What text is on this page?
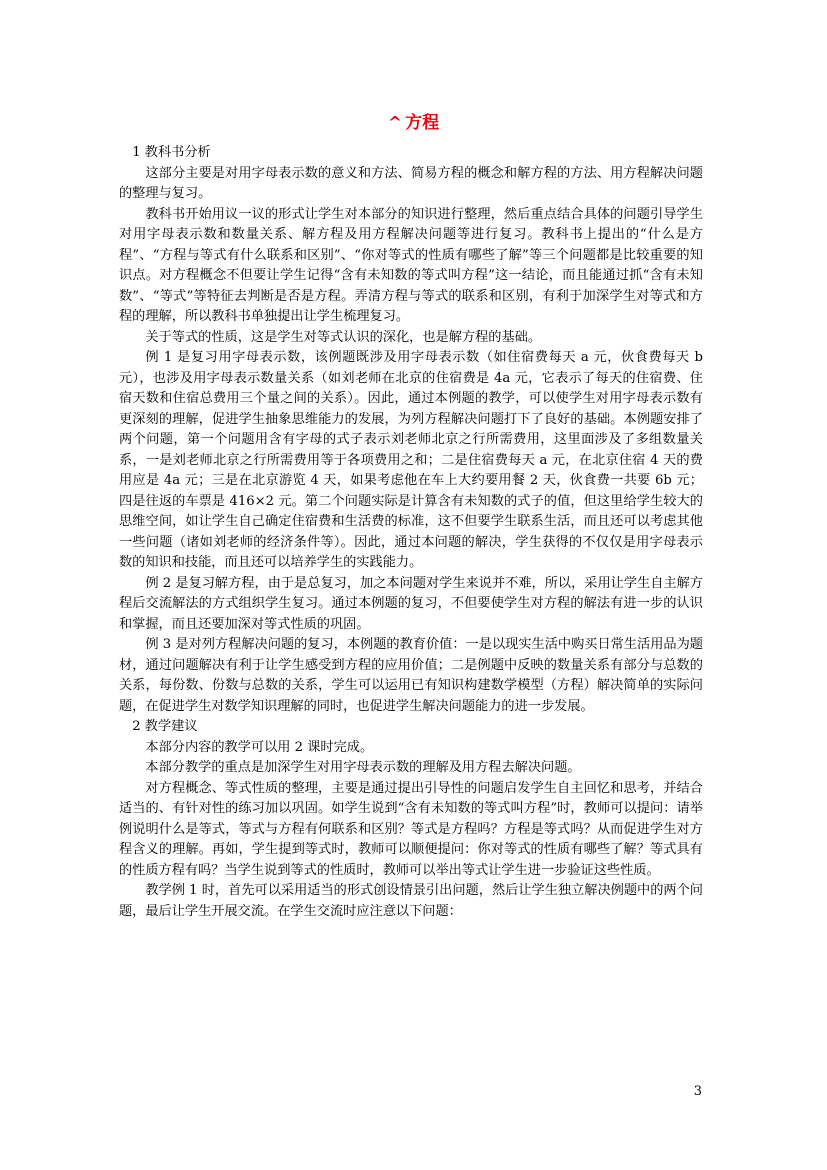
^ 方程

1 教科书分析

这部分主要是对用字母表示数的意义和方法、简易方程的概念和解方程的方法、用方程解决问题的整理与复习。

教科书开始用议一议的形式让学生对本部分的知识进行整理，然后重点结合具体的问题引导学生对用字母表示数和数量关系、解方程及用方程解决问题等进行复习。教科书上提出的“什么是方程”、“方程与等式有什么联系和区别”、“你对等式的性质有哪些了解”等三个问题都是比较重要的知识点。对方程概念不但要让学生记得“含有未知数的等式叫方程”这一结论，而且能通过抓“含有未知数”、“等式”等特征去判断是否是方程。弄清方程与等式的联系和区别，有利于加深学生对等式和方程的理解，所以教科书单独提出让学生梳理复习。

关于等式的性质，这是学生对等式认识的深化，也是解方程的基础。

例 1 是复习用字母表示数，该例题既涉及用字母表示数（如住宿费每天 a 元，伙食费每天 b 元），也涉及用字母表示数量关系（如刘老师在北京的住宿费是 4a 元，它表示了每天的住宿费、住宿天数和住宿总费用三个量之间的关系）。因此，通过本例题的教学，可以使学生对用字母表示数有更深刻的理解，促进学生抽象思维能力的发展，为列方程解决问题打下了良好的基础。本例题安排了两个问题，第一个问题用含有字母的式子表示刘老师北京之行所需费用，这里面涉及了多组数量关系，一是刘老师北京之行所需费用等于各项费用之和；二是住宿费每天 a 元，在北京住宿 4 天的费用应是 4a 元；三是在北京游览 4 天，如果考虑他在车上大约要用餐 2 天，伙食费一共要 6b 元；四是往返的车票是 416×2 元。第二个问题实际是计算含有未知数的式子的值，但这里给学生较大的思维空间，如让学生自己确定住宿费和生活费的标准，这不但要学生联系生活，而且还可以考虑其他一些问题（诸如刘老师的经济条件等）。因此，通过本问题的解决，学生获得的不仅仅是用字母表示数的知识和技能，而且还可以培养学生的实践能力。

例 2 是复习解方程，由于是总复习，加之本问题对学生来说并不难，所以，采用让学生自主解方程后交流解法的方式组织学生复习。通过本例题的复习，不但要使学生对方程的解法有进一步的认识和掌握，而且还要加深对等式性质的巩固。

例 3 是对列方程解决问题的复习，本例题的教育价值：一是以现实生活中购买日常生活用品为题材，通过问题解决有利于让学生感受到方程的应用价值；二是例题中反映的数量关系有部分与总数的关系，每份数、份数与总数的关系，学生可以运用已有知识构建数学模型（方程）解决简单的实际问题，在促进学生对数学知识理解的同时，也促进学生解决问题能力的进一步发展。

2 教学建议

本部分内容的教学可以用 2 课时完成。

本部分教学的重点是加深学生对用字母表示数的理解及用方程去解决问题。

对方程概念、等式性质的整理，主要是通过提出引导性的问题启发学生自主回忆和思考，并结合适当的、有针对性的练习加以巩固。如学生说到“含有未知数的等式叫方程”时，教师可以提问：请举例说明什么是等式，等式与方程有何联系和区别？等式是方程吗？方程是等式吗？从而促进学生对方程含义的理解。再如，学生提到等式时，教师可以顺便提问：你对等式的性质有哪些了解？等式具有的性质方程有吗？当学生说到等式的性质时，教师可以举出等式让学生进一步验证这些性质。

教学例 1 时，首先可以采用适当的形式创设情景引出问题，然后让学生独立解决例题中的两个问题，最后让学生开展交流。在学生交流时应注意以下问题：

3
